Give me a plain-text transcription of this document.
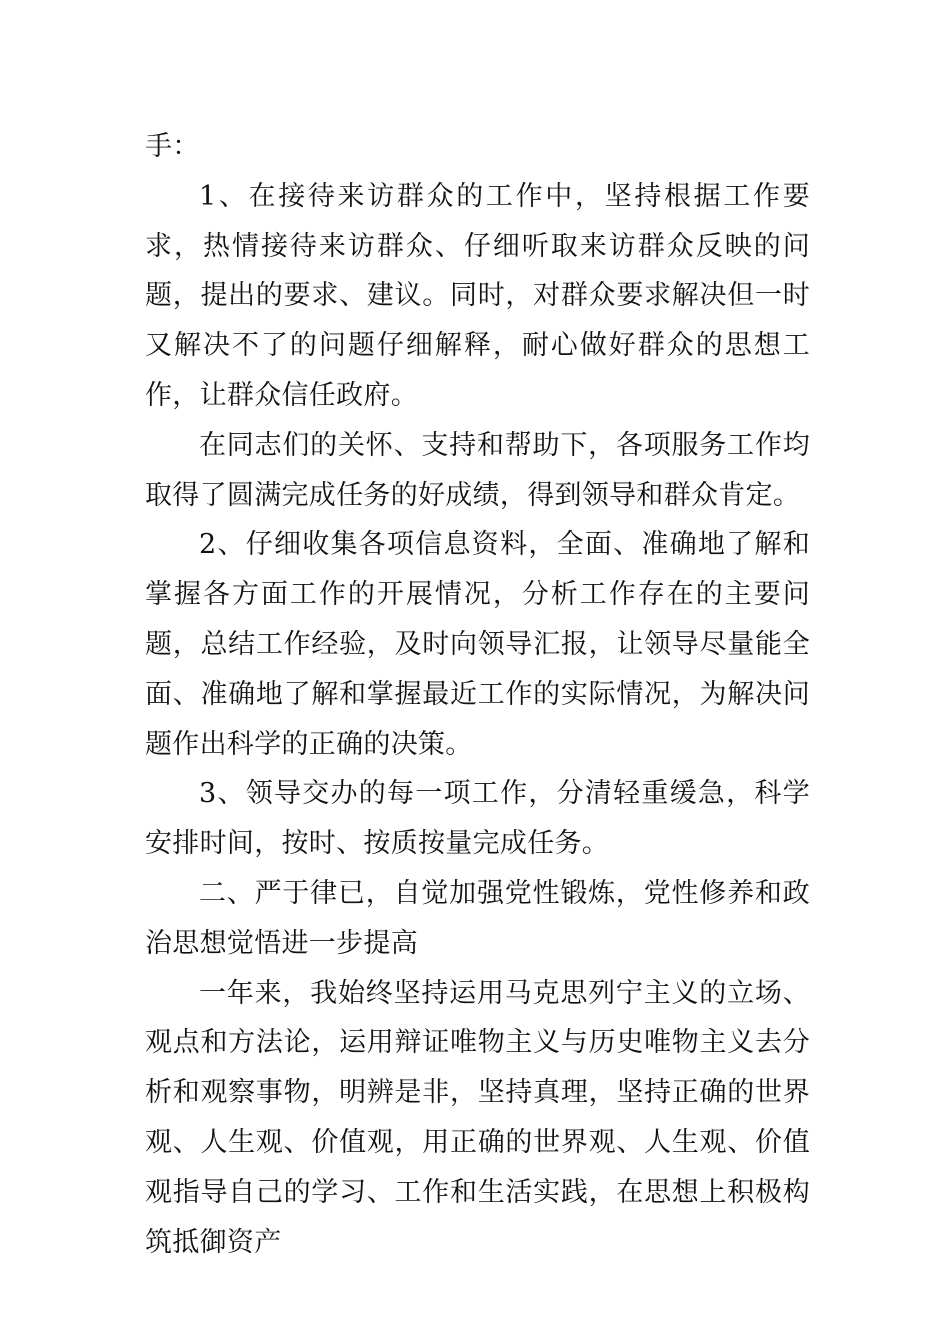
手：

1、在接待来访群众的工作中，坚持根据工作要求，热情接待来访群众、仔细听取来访群众反映的问题，提出的要求、建议。同时，对群众要求解决但一时又解决不了的问题仔细解释，耐心做好群众的思想工作，让群众信任政府。

在同志们的关怀、支持和帮助下，各项服务工作均取得了圆满完成任务的好成绩，得到领导和群众肯定。

2、仔细收集各项信息资料，全面、准确地了解和掌握各方面工作的开展情况，分析工作存在的主要问题，总结工作经验，及时向领导汇报，让领导尽量能全面、准确地了解和掌握最近工作的实际情况，为解决问题作出科学的正确的决策。

3、领导交办的每一项工作，分清轻重缓急，科学安排时间，按时、按质按量完成任务。

二、严于律已，自觉加强党性锻炼，党性修养和政治思想觉悟进一步提高

一年来，我始终坚持运用马克思列宁主义的立场、观点和方法论，运用辩证唯物主义与历史唯物主义去分析和观察事物，明辨是非，坚持真理，坚持正确的世界观、人生观、价值观，用正确的世界观、人生观、价值观指导自己的学习、工作和生活实践，在思想上积极构筑抵御资产
